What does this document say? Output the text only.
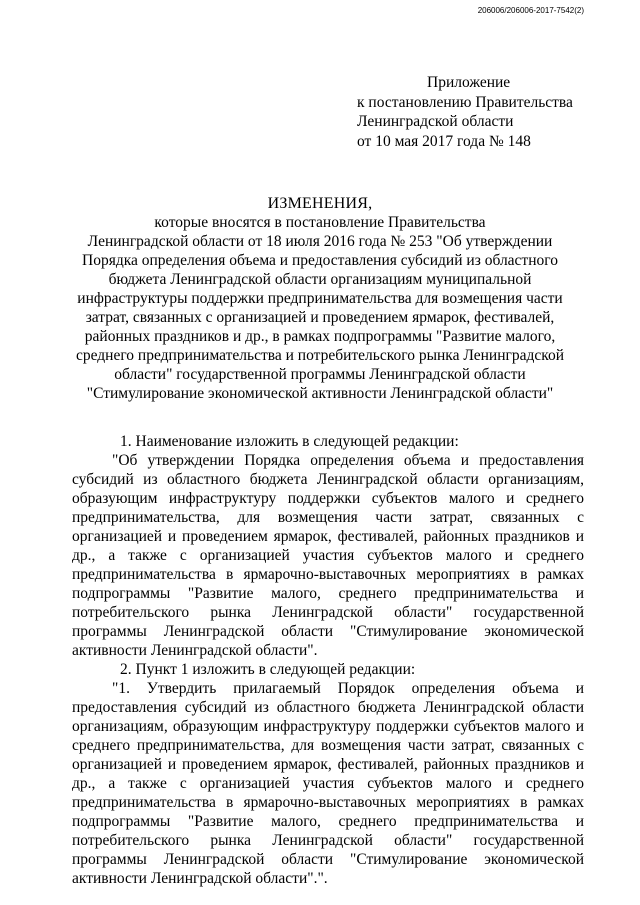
206006/206006-2017-7542(2)
Приложение
к постановлению Правительства
Ленинградской области
от 10 мая 2017 года № 148
ИЗМЕНЕНИЯ,
которые вносятся в постановление Правительства
Ленинградской области от 18 июля 2016 года № 253 "Об утверждении
Порядка определения объема и предоставления субсидий из областного
бюджета Ленинградской области организациям муниципальной
инфраструктуры поддержки предпринимательства для возмещения части
затрат, связанных с организацией и проведением ярмарок, фестивалей,
районных праздников и др., в рамках подпрограммы "Развитие малого,
среднего предпринимательства и потребительского рынка Ленинградской
области" государственной программы Ленинградской области
"Стимулирование экономической активности Ленинградской области"

1. Наименование изложить в следующей редакции:

"Об утверждении Порядка определения объема и предоставления субсидий из областного бюджета Ленинградской области организациям, образующим инфраструктуру поддержки субъектов малого и среднего предпринимательства, для возмещения части затрат, связанных с организацией и проведением ярмарок, фестивалей, районных праздников и др., а также с организацией участия субъектов малого и среднего предпринимательства в ярмарочно-выставочных мероприятиях в рамках подпрограммы "Развитие малого, среднего предпринимательства и потребительского рынка Ленинградской области" государственной программы Ленинградской области "Стимулирование экономической активности Ленинградской области".

2. Пункт 1 изложить в следующей редакции:

"1. Утвердить прилагаемый Порядок определения объема и предоставления субсидий из областного бюджета Ленинградской области организациям, образующим инфраструктуру поддержки субъектов малого и среднего предпринимательства, для возмещения части затрат, связанных с организацией и проведением ярмарок, фестивалей, районных праздников и др., а также с организацией участия субъектов малого и среднего предпринимательства в ярмарочно-выставочных мероприятиях в рамках подпрограммы "Развитие малого, среднего предпринимательства и потребительского рынка Ленинградской области" государственной программы Ленинградской области "Стимулирование экономической активности Ленинградской области".".
